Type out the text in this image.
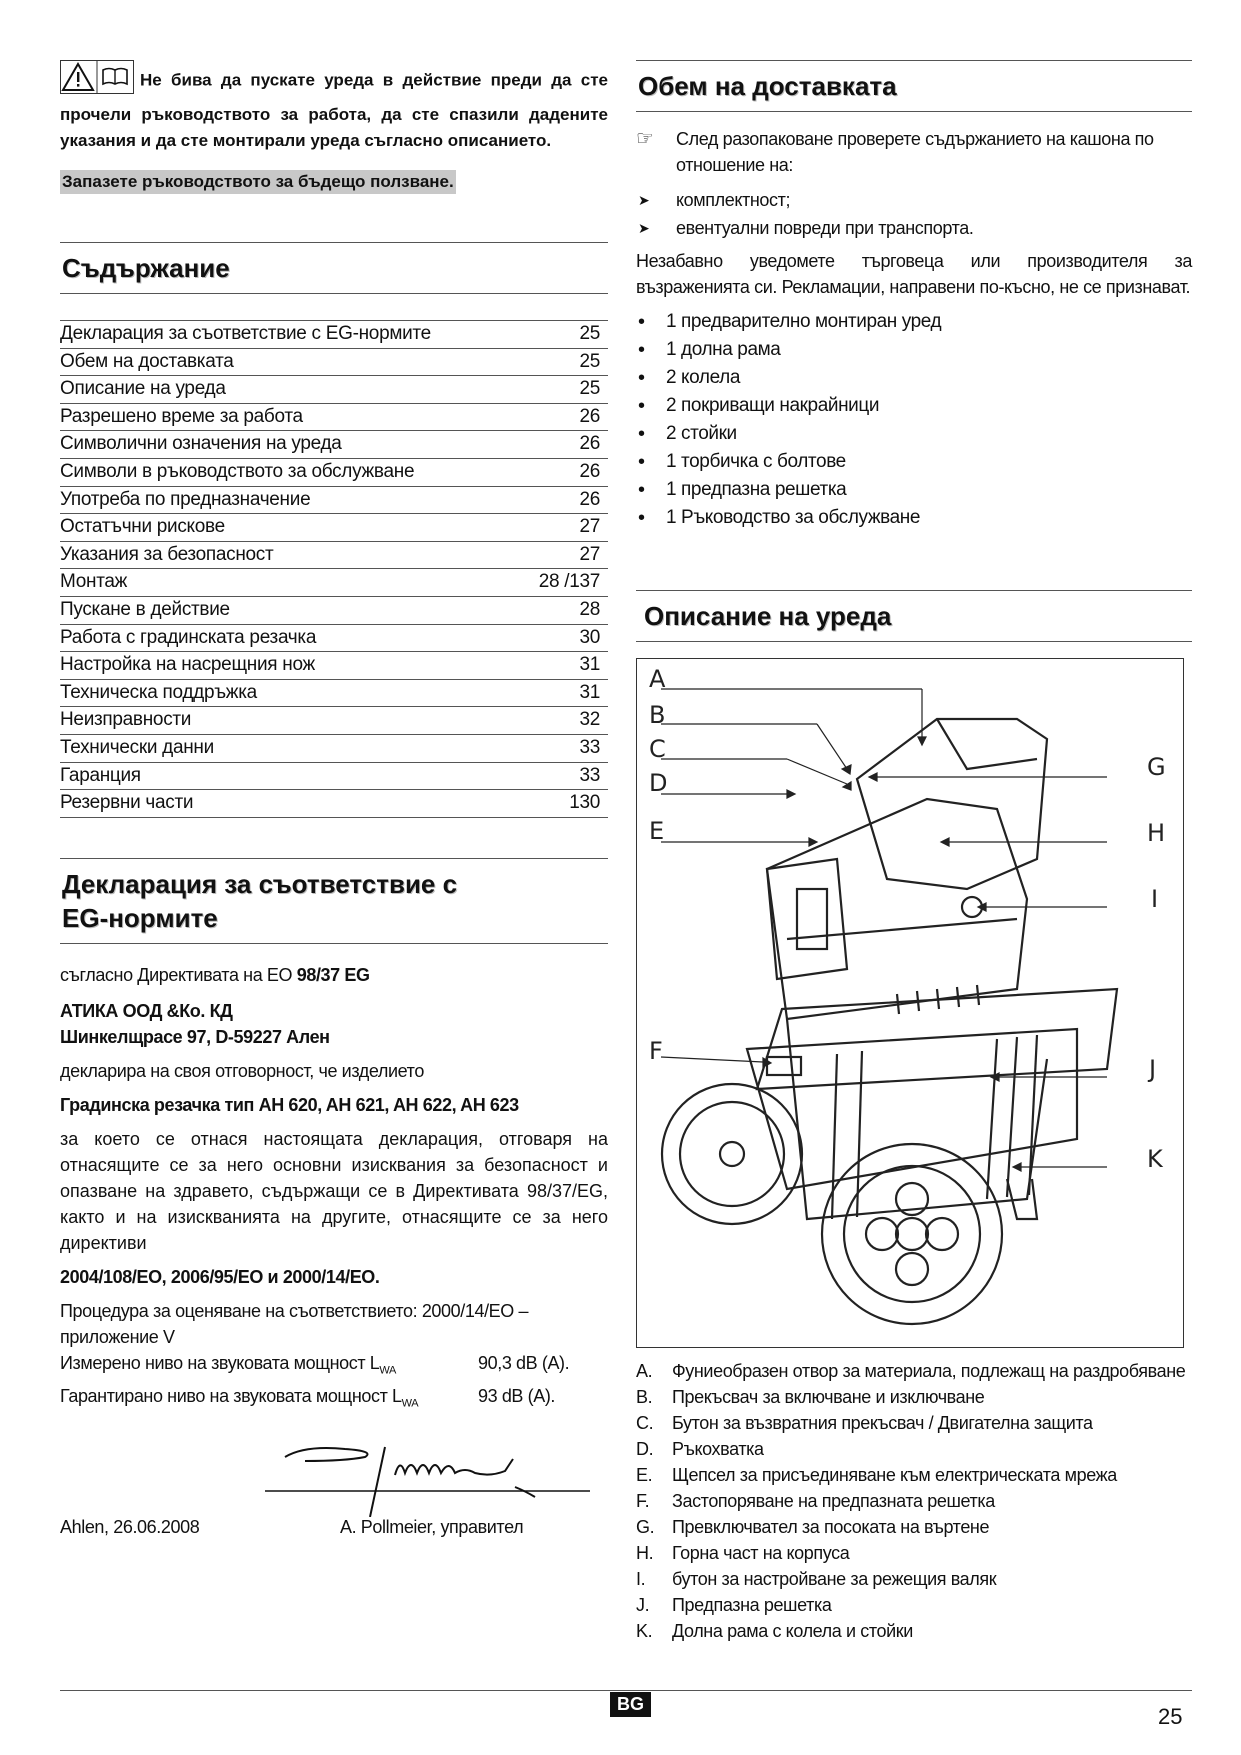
Не бива да пускате уреда в действие преди да сте прочели ръководството за работа, да сте спазили дадените указания и да сте монтирали уреда съгласно описанието.
Запазете ръководството за бъдещо ползване.
Съдържание
Декларация за съответствие с EG-нормите	25
Обем на доставката	25
Описание на уреда	25
Разрешено време за работа	26
Символични означения на уреда	26
Символи в ръководството за обслужване	26
Употреба по предназначение	26
Остатъчни рискове	27
Указания за безопасност	27
Монтаж	28 /137
Пускане в действие	28
Работа с градинската резачка	30
Настройка на насрещния нож	31
Техническа поддръжка	31
Неизправности	32
Технически данни	33
Гаранция	33
Резервни части	130
Декларация за съответствие с
EG-нормите
съгласно Директивата на ЕО 98/37 EG
АТИКА ООД &Ко. КД
Шинкелщрасе 97, D-59227 Ален
декларира на своя отговорност, че изделието
Градинска резачка тип AH 620, AH 621, AH 622, AH 623
за което се отнася настоящата декларация, отговаря на отнасящите се за него основни изисквания за безопасност и опазване на здравето, съдържащи се в Директивата 98/37/EG, както и на изискванията на другите, отнасящите се за него директиви
2004/108/EO, 2006/95/EO и 2000/14/EO.
Процедура за оценяване на съответствието: 2000/14/EO – приложение V
Измерено ниво на звуковата мощност $L_{WA}$	90,3 dB (A).
Гарантирано ниво на звуковата мощност $L_{WA}$	93 dB (A).
Ahlen, 26.06.2008	A. Pollmeier, управител
Обем на доставката
☞	След разопаковане проверете съдържанието на кашона по отношение на:
➤ комплектност;
➤ евентуални повреди при транспорта.
Незабавно уведомете търговеца или производителя за възраженията си. Рекламации, направени по-късно, не се признават.
• 1 предварително монтиран уред
• 1 долна рама
• 2 колела
• 2 покриващи накрайници
• 2 стойки
• 1 торбичка с болтове
• 1 предпазна решетка
• 1 Ръководство за обслужване
Описание на уреда
A
B
C
D
E
F
G
H
I
J
K
A.	Фуниеобразен отвор за материала, подлежащ на раздробяване
B.	Прекъсвач за включване и изключване
C.	Бутон за възвратния прекъсвач / Двигателна защита
D.	Ръкохватка
E.	Щепсел за присъединяване към електрическата мрежа
F.	Застопоряване на предпазната решетка
G. Превключвател за посоката на въртене
H.	Горна част на корпуса
I.	бутон за настройване за режещия валяк
J.	Предпазна решетка
K.	Долна рама с колела и стойки
BG	25
